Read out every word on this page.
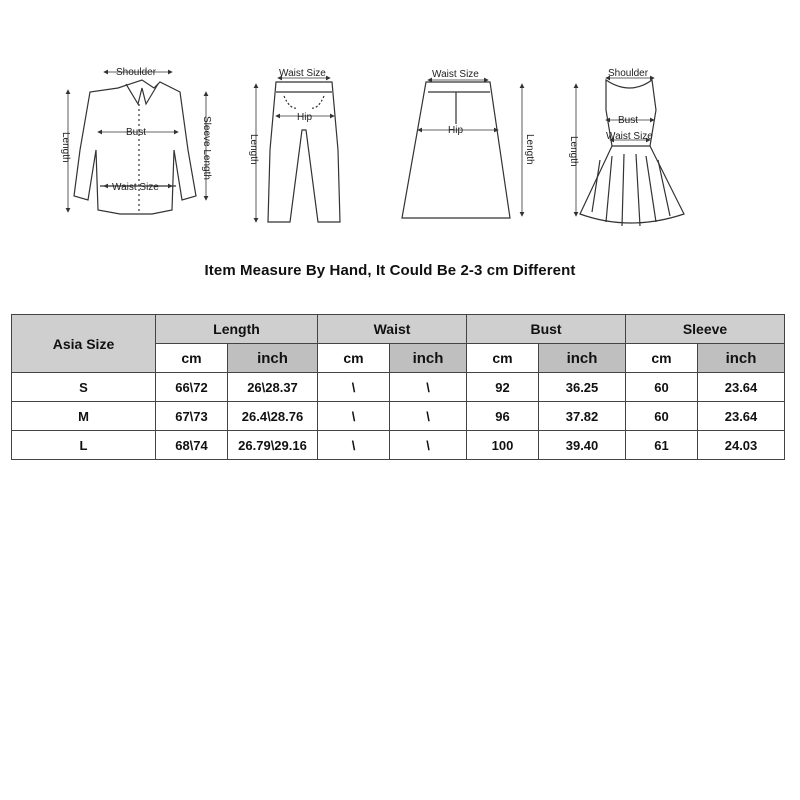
Shoulder
Bust
Waist Size
Length	Sleeve Length
Waist Size
Hip
Length
Waist Size
Hip
Length
Shoulder
Bust
Waist Size
Length
Item Measure By Hand, It Could Be 2-3 cm Different
Asia Size	Length		Waist		Bust		Sleeve	
	cm	inch	cm	inch	cm	inch	cm	inch
S	66\72	26\28.37	\	\	92	36.25	60	23.64
M	67\73	26.4\28.76	\	\	96	37.82	60	23.64
L	68\74	26.79\29.16	\	\	100	39.40	61	24.03
